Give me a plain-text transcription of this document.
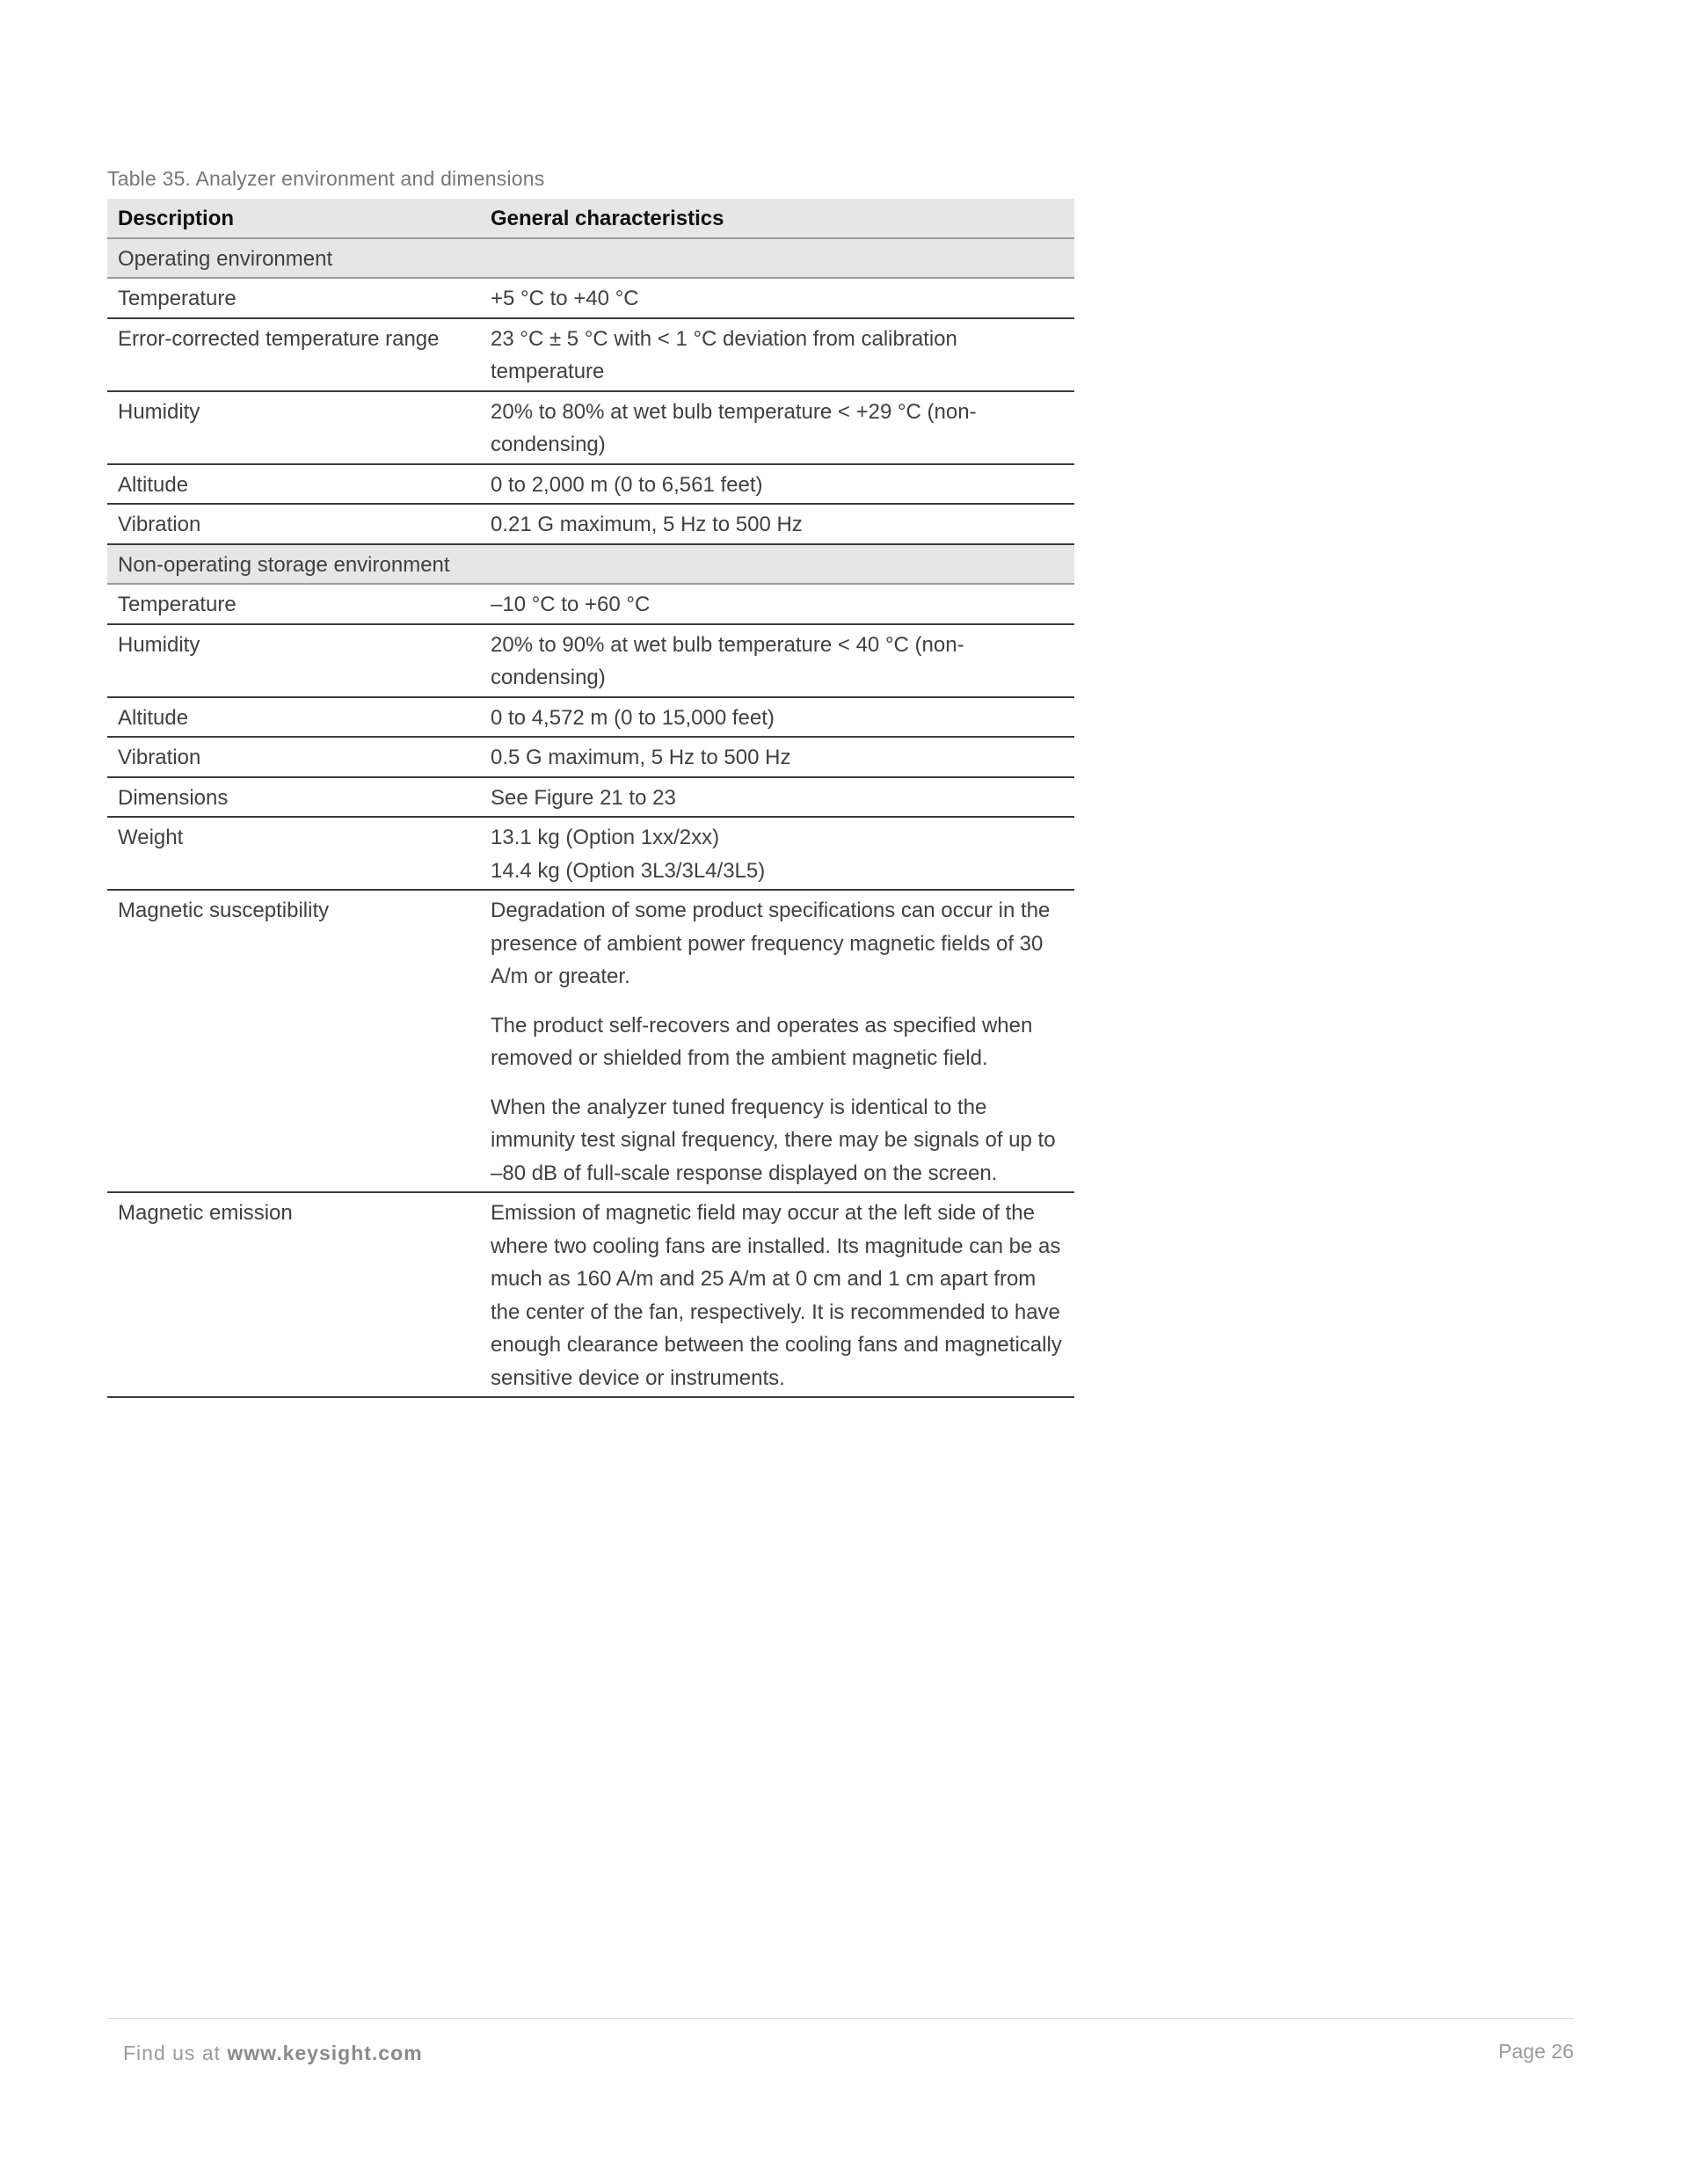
Table 35. Analyzer environment and dimensions
Description	General characteristics
Operating environment	
Temperature	+5 °C to +40 °C

Error-corrected temperature range	23 °C ± 5 °C with < 1 °C deviation from calibration temperature

Humidity	20% to 80% at wet bulb temperature < +29 °C (non-condensing)

Altitude	0 to 2,000 m (0 to 6,561 feet)

Vibration	0.21 G maximum, 5 Hz to 500 Hz

Non-operating storage environment	
Temperature	–10 °C to +60 °C

Humidity	20% to 90% at wet bulb temperature < 40 °C (non-condensing)

Altitude	0 to 4,572 m (0 to 15,000 feet)

Vibration	0.5 G maximum, 5 Hz to 500 Hz

Dimensions	See Figure 21 to 23

Weight	13.1 kg (Option 1xx/2xx)
14.4 kg (Option 3L3/3L4/3L5)

Magnetic susceptibility	Degradation of some product specifications can occur in the presence of ambient power frequency magnetic fields of 30 A/m or greater.

The product self-recovers and operates as specified when removed or shielded from the ambient magnetic field.

When the analyzer tuned frequency is identical to the immunity test signal frequency, there may be signals of up to –80 dB of full-scale response displayed on the screen.

Magnetic emission	Emission of magnetic field may occur at the left side of the where two cooling fans are installed. Its magnitude can be as much as 160 A/m and 25 A/m at 0 cm and 1 cm apart from the center of the fan, respectively. It is recommended to have enough clearance between the cooling fans and magnetically sensitive device or instruments.

Find us at www.keysight.com	Page 26
